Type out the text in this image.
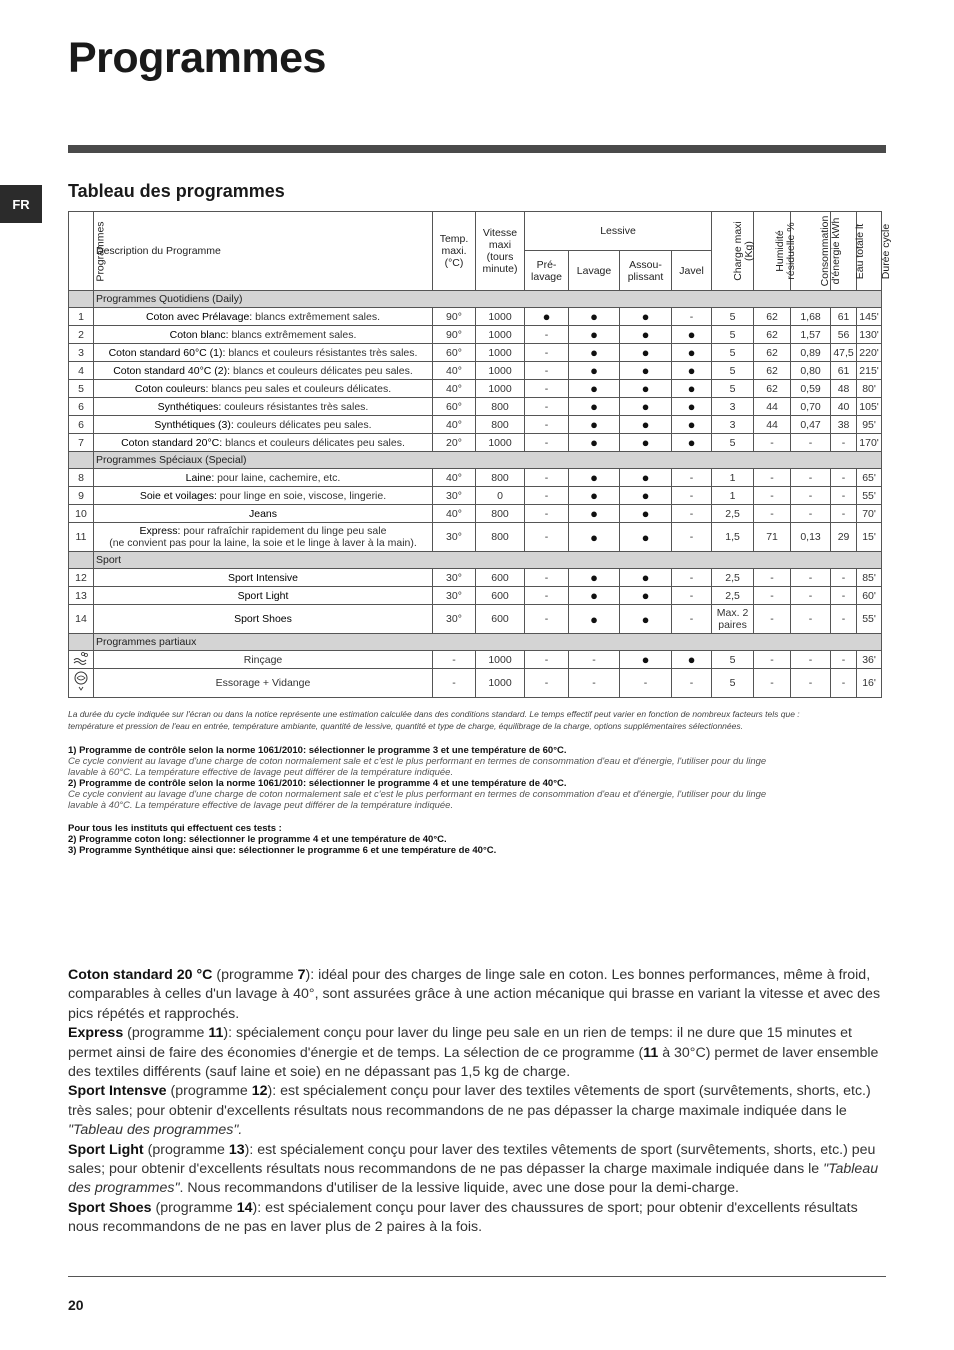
Programmes
FR
Tableau des programmes
Programmes	Description du Programme	Temp. maxi. (°C)	Vitesse maxi (tours minute)	Lessive				Charge maxi (Kg)	Humidité résiduelle %	Consommation d'énergie kWh	Eau totale lt	Durée cycle
				Pré- lavage	Lavage	Assou- plissant	Javel					
	Programmes Quotidiens (Daily)											
1	Coton avec Prélavage: blancs extrêmement sales.	90°	1000	●	●	●	-	5	62	1,68	61	145'
2	Coton blanc: blancs extrêmement sales.	90°	1000	-	●	●	●	5	62	1,57	56	130'
3	Coton standard 60°C (1): blancs et couleurs résistantes très sales.	60°	1000	-	●	●	●	5	62	0,89	47,5	220'
4	Coton standard 40°C (2): blancs et couleurs délicates peu sales.	40°	1000	-	●	●	●	5	62	0,80	61	215'
5	Coton couleurs: blancs peu sales et couleurs délicates.	40°	1000	-	●	●	●	5	62	0,59	48	80'
6	Synthétiques: couleurs résistantes très sales.	60°	800	-	●	●	●	3	44	0,70	40	105'
6	Synthétiques (3): couleurs délicates peu sales.	40°	800	-	●	●	●	3	44	0,47	38	95'
7	Coton standard 20°C: blancs et couleurs délicates peu sales.	20°	1000	-	●	●	●	5	-	-	-	170'
	Programmes Spéciaux (Special)											
8	Laine: pour laine, cachemire, etc.	40°	800	-	●	●	-	1	-	-	-	65'
9	Soie et voilages: pour linge en soie, viscose, lingerie.	30°	0	-	●	●	-	1	-	-	-	55'
10	Jeans	40°	800	-	●	●	-	2,5	-	-	-	70'
11	Express: pour rafraîchir rapidement du linge peu sale
(ne convient pas pour la laine, la soie et le linge à laver à la main).	30°	800	-	●	●	-	1,5	71	0,13	29	15'
	Sport											
12	Sport Intensive	30°	600	-	●	●	-	2,5	-	-	-	85'
13	Sport Light	30°	600	-	●	●	-	2,5	-	-	-	60'
14	Sport Shoes	30°	600	-	●	●	-	Max. 2 paires	-	-	-	55'
	Programmes partiaux											
	Rinçage	-	1000	-	-	●	●	5	-	-	-	36'
	Essorage + Vidange	-	1000	-	-	-	-	5	-	-	-	16'
La durée du cycle indiquée sur l'écran ou dans la notice représente une estimation calculée dans des conditions standard. Le temps effectif peut varier en fonction de nombreux facteurs tels que :
température et pression de l'eau en entrée, température ambiante, quantité de lessive, quantité et type de charge, équilibrage de la charge, options supplémentaires sélectionnées.
1) Programme de contrôle selon la norme 1061/2010: sélectionner le programme 3 et une température de 60°C.
Ce cycle convient au lavage d'une charge de coton normalement sale et c'est le plus performant en termes de consommation d'eau et d'énergie, l'utiliser pour du linge
lavable à 60°C. La température effective de lavage peut différer de la température indiquée.
2) Programme de contrôle selon la norme 1061/2010: sélectionner le programme 4 et une température de 40°C.
Ce cycle convient au lavage d'une charge de coton normalement sale et c'est le plus performant en termes de consommation d'eau et d'énergie, l'utiliser pour du linge
lavable à 40°C. La température effective de lavage peut différer de la température indiquée.
Pour tous les instituts qui effectuent ces tests :
2) Programme coton long: sélectionner le programme 4 et une température de 40°C.
3) Programme Synthétique ainsi que: sélectionner le programme 6 et une température de 40°C.

Coton standard 20 °C (programme 7): idéal pour des charges de linge sale en coton. Les bonnes performances, même à froid, comparables à celles d'un lavage à 40°, sont assurées grâce à une action mécanique qui brasse en variant la vitesse et avec des pics répétés et rapprochés.

Express (programme 11): spécialement conçu pour laver du linge peu sale en un rien de temps: il ne dure que 15 minutes et permet ainsi de faire des économies d'énergie et de temps. La sélection de ce programme (11 à 30°C) permet de laver ensemble des textiles différents (sauf laine et soie) en ne dépassant pas 1,5 kg de charge.

Sport Intensve (programme 12): est spécialement conçu pour laver des textiles vêtements de sport (survêtements, shorts, etc.) très sales; pour obtenir d'excellents résultats nous recommandons de ne pas dépasser la charge maximale indiquée dans le "Tableau des programmes".

Sport Light (programme 13): est spécialement conçu pour laver des textiles vêtements de sport (survêtements, shorts, etc.) peu sales; pour obtenir d'excellents résultats nous recommandons de ne pas dépasser la charge maximale indiquée dans le "Tableau des programmes". Nous recommandons d'utiliser de la lessive liquide, avec une dose pour la demi-charge.

Sport Shoes (programme 14): est spécialement conçu pour laver des chaussures de sport; pour obtenir d'excellents résultats nous recommandons de ne pas en laver plus de 2 paires à la fois.

20
